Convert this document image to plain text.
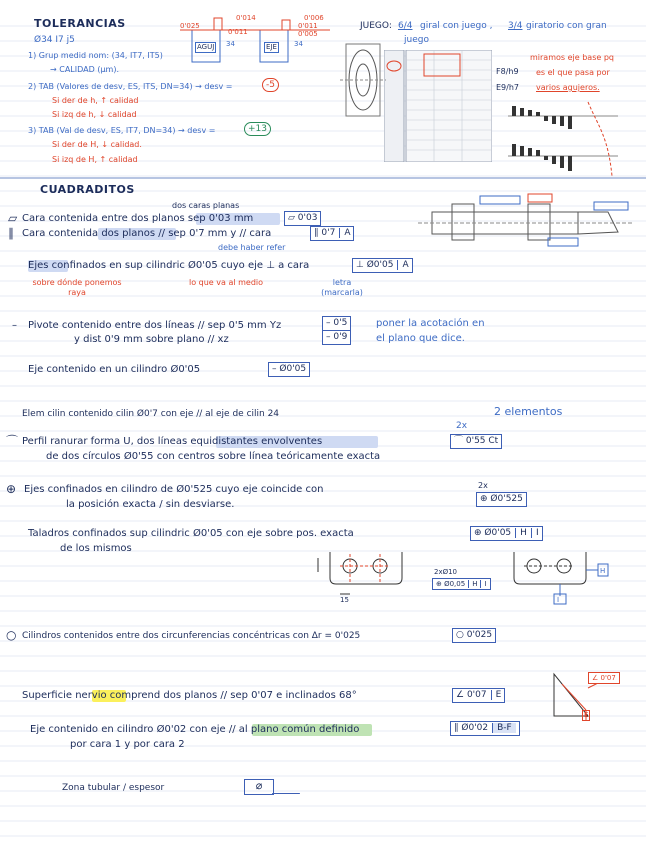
TOLERANCIAS
Ø34 I7 j5
1) Grup medid nom: (34, IT7, IT5)
→ CALIDAD (µm).
2) TAB (Valores de desv, ES, ITS, DN=34) → desv =	-5
Si der de h, ↑ calidad
Si izq de h, ↓ calidad
3) TAB (Val de desv, ES, IT7, DN=34) → desv =	+13
Si der de H, ↓ calidad.
Si izq de H, ↑ calidad
AGUJ 34	EJE 34
0'014
0'025
0'011
0'006
0'011
0'005
JUEGO: 6/4 giral con juego , 3/4 giratorio con gran
juego
miramos eje base pq
es el que pasa por
varios agujeros.
F8/h9
E9/h7
CUADRADITOS
dos caras planas
▱ Cara contenida entre dos planos sep 0'03 mm	▱ 0'03
∥ Cara contenida dos planos // sep 0'7 mm y // cara	∥ 0'7 A
debe haber refer
Ejes confinados en sup cilindric Ø0'05 cuyo eje ⊥ a cara	⊥ Ø0'05 A
sobre dónde ponemos raya
lo que va al medio	letra (marcarla)
– Pivote contenido entre dos líneas // sep 0'5 mm Yz
y dist 0'9 mm sobre plano // xz
– 0'5
– 0'9
poner la acotación en
el plano que dice.
Eje contenido en un cilindro Ø0'05	– Ø0'05
Elem cilin contenido cilin Ø0'7 con eje // al eje de cilin 24
2x
2 elementos
⌒ Perfil ranurar forma U, dos líneas equidistantes envolventes
de dos círculos Ø0'55 con centros sobre línea teóricamente exacta
⌒ 0'55 Ct
⊕ Ejes confinados en cilindro de Ø0'525 cuyo eje coincide con
la posición exacta / sin desviarse.
2x
⊕ Ø0'525
Taladros confinados sup cilindric Ø0'05 con eje sobre pos. exacta
de los mismos
⊕ Ø0'05 H I
2xØ10
⊕ Ø0,05 H I
H
I
15
○ Cilindros contenidos entre dos circunferencias concéntricas con Δr = 0'025	○ 0'025
Superficie nervio comprend dos planos // sep 0'07 e inclinados 68°	∠ 0'07 E
∠ 0'07
E
Eje contenido en cilindro Ø0'02 con eje // al plano común definido
por cara 1 y por cara 2
∥ Ø0'02 B-F
Zona tubular / espesor	⌀
